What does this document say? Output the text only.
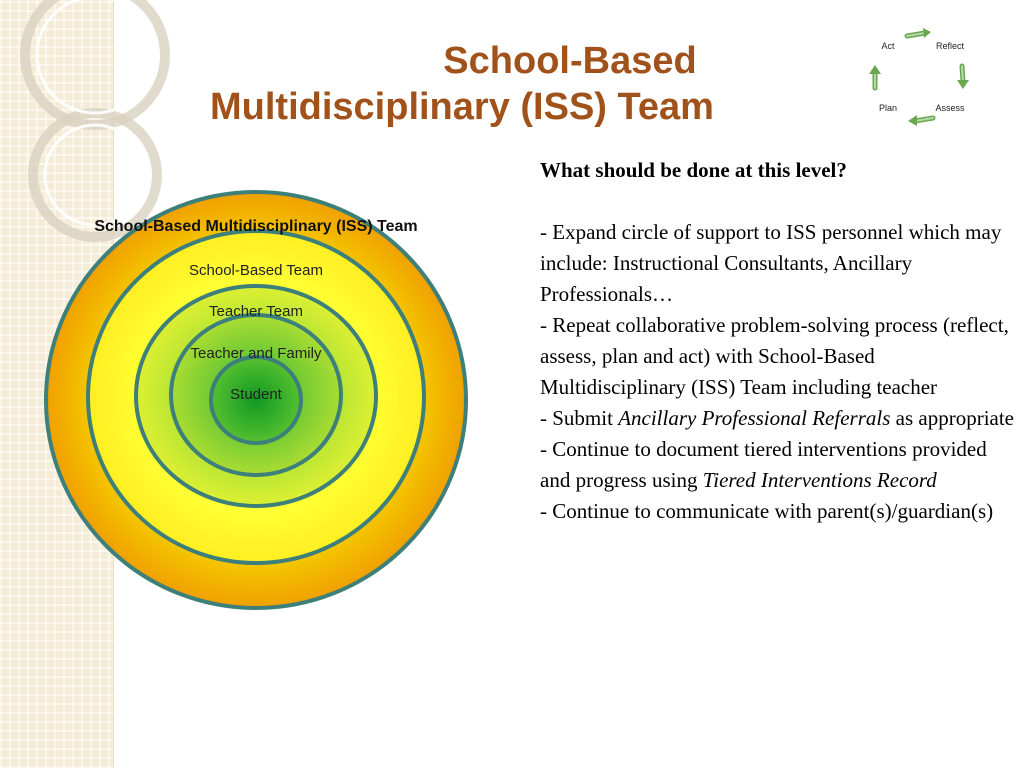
School-Based
Multidisciplinary (ISS) Team
Act	Reflect
Plan	Assess
School-Based Multidisciplinary (ISS) Team
School-Based Team
Teacher Team
Teacher and Family
Student

What should be done at this level?

- Expand circle of support to ISS personnel which may include: Instructional Consultants, Ancillary Professionals…

- Repeat collaborative problem-solving process (reflect, assess, plan and act) with School-Based Multidisciplinary (ISS) Team including teacher

- Submit Ancillary Professional Referrals as appropriate

- Continue to document tiered interventions provided and progress using Tiered Interventions Record

- Continue to communicate with parent(s)/guardian(s)
